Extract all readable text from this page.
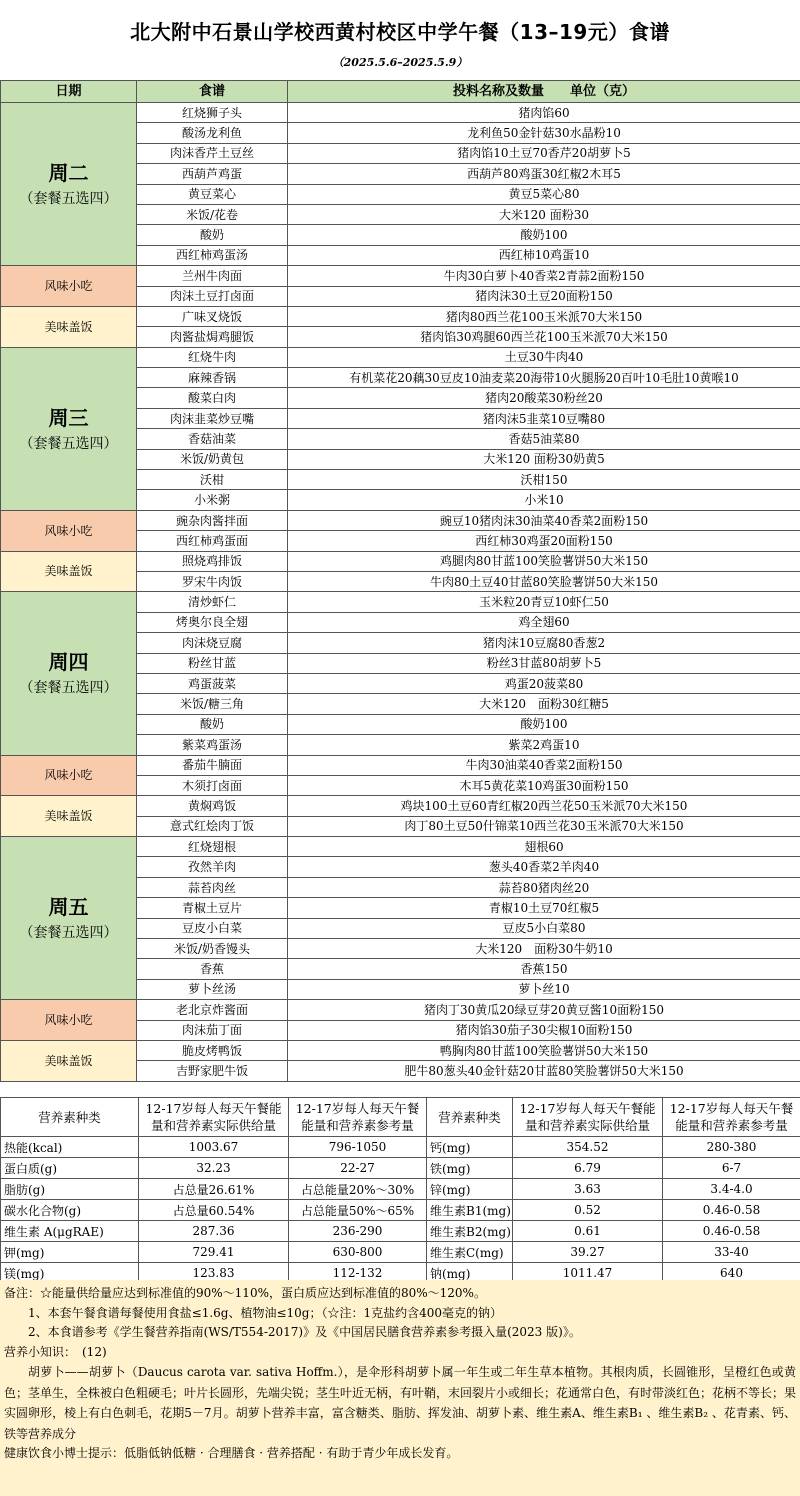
北大附中石景山学校西黄村校区中学午餐（13–19元）食谱
（2025.5.6–2025.5.9）
日期	食谱	投料名称及数量　　单位（克）

周二
（套餐五选四）	红烧狮子头	猪肉馅60
	酸汤龙利鱼	龙利鱼50金针菇30水晶粉10
	肉沫香芹土豆丝	猪肉馅10土豆70香芹20胡萝卜5
	西葫芦鸡蛋	西葫芦80鸡蛋30红椒2木耳5
	黄豆菜心	黄豆5菜心80
	米饭/花卷	大米120 面粉30
	酸奶	酸奶100
	西红柿鸡蛋汤	西红柿10鸡蛋10
风味小吃	兰州牛肉面	牛肉30白萝卜40香菜2青蒜2面粉150
	肉沫土豆打卤面	猪肉沫30土豆20面粉150
美味盖饭	广味叉烧饭	猪肉80西兰花100玉米派70大米150
	肉酱盐焗鸡腿饭	猪肉馅30鸡腿60西兰花100玉米派70大米150

周三
（套餐五选四）	红烧牛肉	土豆30牛肉40
	麻辣香锅	有机菜花20藕30豆皮10油麦菜20海带10火腿肠20百叶10毛肚10黄喉10
	酸菜白肉	猪肉20酸菜30粉丝20
	肉沫韭菜炒豆嘴	猪肉沫5韭菜10豆嘴80
	香菇油菜	香菇5油菜80
	米饭/奶黄包	大米120 面粉30奶黄5
	沃柑	沃柑150
	小米粥	小米10
风味小吃	豌杂肉酱拌面	豌豆10猪肉沫30油菜40香菜2面粉150
	西红柿鸡蛋面	西红柿30鸡蛋20面粉150
美味盖饭	照烧鸡排饭	鸡腿肉80甘蓝100笑脸薯饼50大米150
	罗宋牛肉饭	牛肉80土豆40甘蓝80笑脸薯饼50大米150

周四
（套餐五选四）	清炒虾仁	玉米粒20青豆10虾仁50
	烤奥尔良全翅	鸡全翅60
	肉沫烧豆腐	猪肉沫10豆腐80香葱2
	粉丝甘蓝	粉丝3甘蓝80胡萝卜5
	鸡蛋菠菜	鸡蛋20菠菜80
	米饭/糖三角	大米120　面粉30红糖5
	酸奶	酸奶100
	紫菜鸡蛋汤	紫菜2鸡蛋10
风味小吃	番茄牛腩面	牛肉30油菜40香菜2面粉150
	木须打卤面	木耳5黄花菜10鸡蛋30面粉150
美味盖饭	黄焖鸡饭	鸡块100土豆60青红椒20西兰花50玉米派70大米150
	意式红烩肉丁饭	肉丁80土豆50什锦菜10西兰花30玉米派70大米150

周五
（套餐五选四）	红烧翅根	翅根60
	孜然羊肉	葱头40香菜2羊肉40
	蒜苔肉丝	蒜苔80猪肉丝20
	青椒土豆片	青椒10土豆70红椒5
	豆皮小白菜	豆皮5小白菜80
	米饭/奶香馒头	大米120　面粉30牛奶10
	香蕉	香蕉150
	萝卜丝汤	萝卜丝10
风味小吃	老北京炸酱面	猪肉丁30黄瓜20绿豆芽20黄豆酱10面粉150
	肉沫茄丁面	猪肉馅30茄子30尖椒10面粉150
美味盖饭	脆皮烤鸭饭	鸭胸肉80甘蓝100笑脸薯饼50大米150
	吉野家肥牛饭	肥牛80葱头40金针菇20甘蓝80笑脸薯饼50大米150
营养素种类	12-17岁每人每天午餐能量和营养素实际供给量	12-17岁每人每天午餐能量和营养素参考量	营养素种类	12-17岁每人每天午餐能量和营养素实际供给量	12-17岁每人每天午餐能量和营养素参考量
热能(kcal)	1003.67	796-1050	钙(mg)	354.52	280-380
蛋白质(g)	32.23	22-27	铁(mg)	6.79	6-7
脂肪(g)	占总量26.61%	占总能量20%～30%	锌(mg)	3.63	3.4-4.0
碳水化合物(g)	占总量60.54%	占总能量50%～65%	维生素B1(mg)	0.52	0.46-0.58
维生素 A(μgRAE)	287.36	236-290	维生素B2(mg)	0.61	0.46-0.58
钾(mg)	729.41	630-800	维生素C(mg)	39.27	33-40
镁(mg)	123.83	112-132	钠(mg)	1011.47	640

备注：☆能量供给量应达到标准值的90%～110%，蛋白质应达到标准值的80%～120%。

1、本套午餐食谱每餐使用食盐≤1.6g、植物油≤10g；（☆注：1克盐约含400毫克的钠）

2、本食谱参考《学生餐营养指南(WS/T554-2017)》及《中国居民膳食营养素参考摄入量(2023 版)》。

营养小知识：　(12)

胡萝卜——胡萝卜（Daucus carota var. sativa Hoffm.），是伞形科胡萝卜属一年生或二年生草本植物。其根肉质，长圆锥形，呈橙红色或黄色；茎单生，全株被白色粗硬毛；叶片长圆形，先端尖锐；茎生叶近无柄，有叶鞘，末回裂片小或细长；花通常白色，有时带淡红色；花柄不等长；果实圆卵形，棱上有白色刺毛，花期5－7月。胡萝卜营养丰富，富含糖类、脂肪、挥发油、胡萝卜素、维生素A、维生素B₁ 、维生素B₂ 、花青素、钙、铁等营养成分

健康饮食小博士提示：低脂低钠低糖 · 合理膳食 · 营养搭配 · 有助于青少年成长发育。
